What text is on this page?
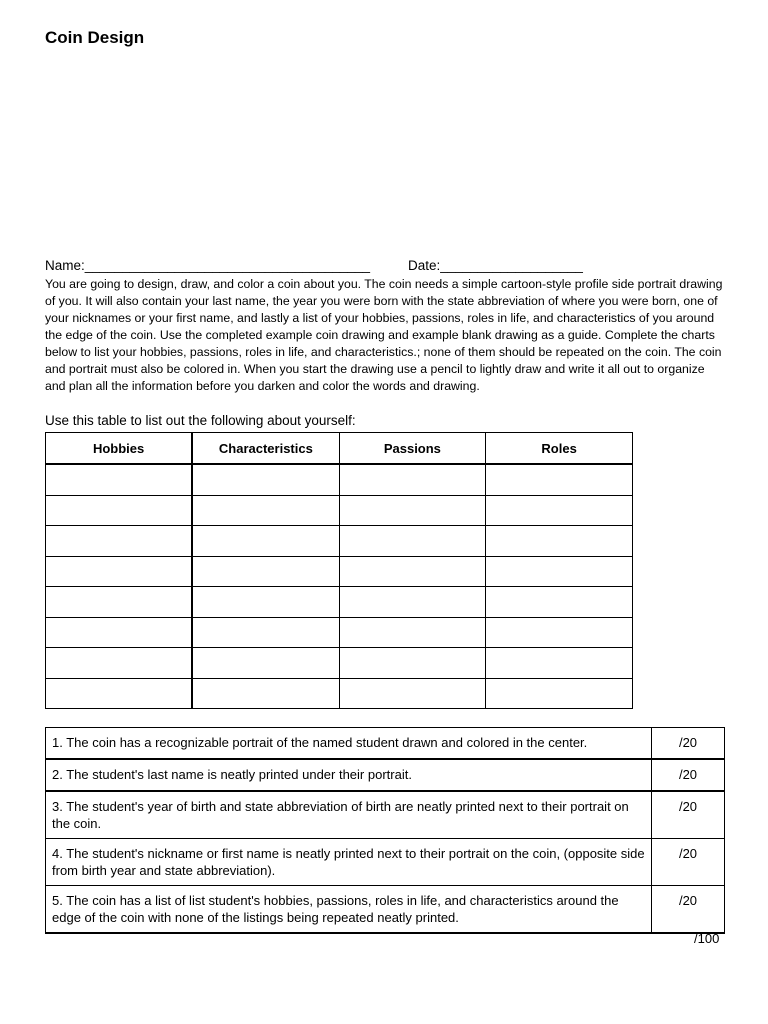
Coin Design
Name:______________________________________	Date:___________________

You are going to design, draw, and color a coin about you. The coin needs a simple cartoon-style profile side portrait drawing of you. It will also contain your last name, the year you were born with the state abbreviation of where you were born, one of your nicknames or your first name, and lastly a list of your hobbies, passions, roles in life, and characteristics of you around the edge of the coin. Use the completed example coin drawing and example blank drawing as a guide. Complete the charts below to list your hobbies, passions, roles in life, and characteristics.; none of them should be repeated on the coin. The coin and portrait must also be colored in. When you start the drawing use a pencil to lightly draw and write it all out to organize and plan all the information before you darken and color the words and drawing.

Use this table to list out the following about yourself:
Hobbies	Characteristics	Passions	Roles

1. The coin has a recognizable portrait of the named student drawn and colored in the center.	/20
2. The student's last name is neatly printed under their portrait.	/20
3. The student's year of birth and state abbreviation of birth are neatly printed next to their portrait on the coin.	/20
4. The student's nickname or first name is neatly printed next to their portrait on the coin, (opposite side from birth year and state abbreviation).	/20
5. The coin has a list of list student's hobbies, passions, roles in life, and characteristics around the edge of the coin with none of the listings being repeated neatly printed.	/20
/100
